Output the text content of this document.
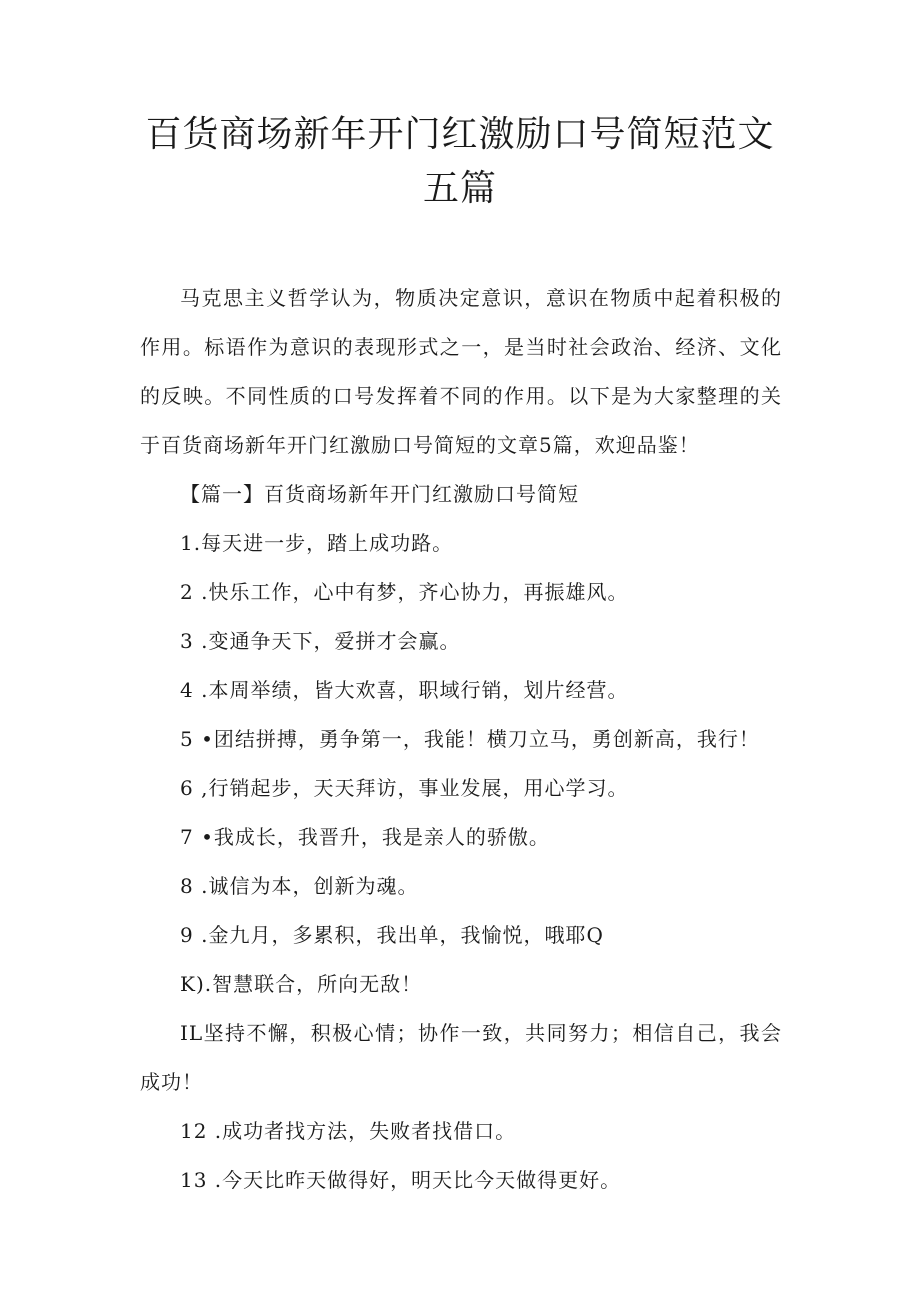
百货商场新年开门红激励口号简短范文五篇

马克思主义哲学认为，物质决定意识，意识在物质中起着积极的作用。标语作为意识的表现形式之一，是当时社会政治、经济、文化的反映。不同性质的口号发挥着不同的作用。以下是为大家整理的关于百货商场新年开门红激励口号简短的文章5篇，欢迎品鉴！

【篇一】百货商场新年开门红激励口号简短

1.每天进一步，踏上成功路。

2 .快乐工作，心中有梦，齐心协力，再振雄风。

3 .变通争天下，爱拼才会赢。

4 .本周举绩，皆大欢喜，职域行销，划片经营。

5 •团结拼搏，勇争第一，我能！横刀立马，勇创新高，我行！

6 ,行销起步，天天拜访，事业发展，用心学习。

7 •我成长，我晋升，我是亲人的骄傲。

8 .诚信为本，创新为魂。

9 .金九月，多累积，我出单，我愉悦，哦耶Q

K).智慧联合，所向无敌！

IL坚持不懈，积极心情；协作一致，共同努力；相信自己，我会成功！

12 .成功者找方法，失败者找借口。

13 .今天比昨天做得好，明天比今天做得更好。
